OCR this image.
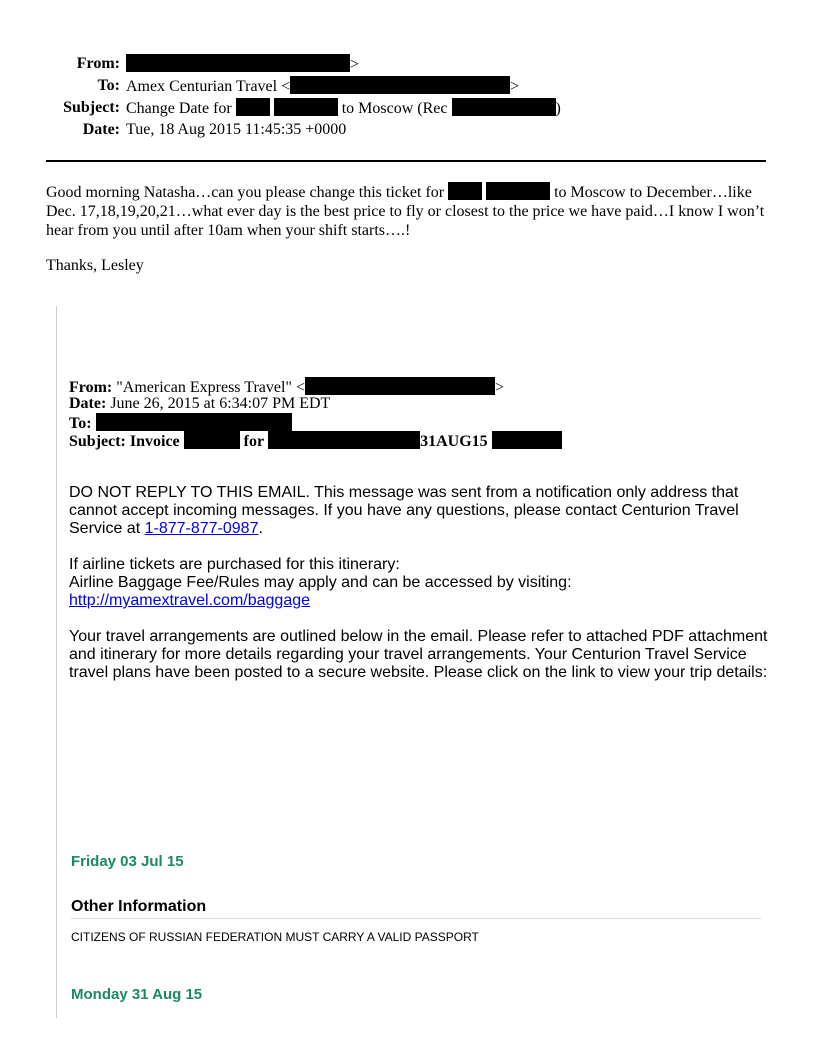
From:	>
To: Amex Centurian Travel <	>
Subject: Change Date for	to Moscow (Rec	)
Date: Tue, 18 Aug 2015 11:45:35 +0000
Good morning Natasha…can you please change this ticket for	to Moscow to December…like Dec. 17,18,19,20,21…what ever day is the best price to fly or closest to the price we have paid…I know I won’t hear from you until after 10am when your shift starts….!
Thanks, Lesley
From: "American Express Travel" <	>
Date: June 26, 2015 at 6:34:07 PM EDT
To:
Subject: Invoice	for	31AUG15
DO NOT REPLY TO THIS EMAIL. This message was sent from a notification only address that cannot accept incoming messages. If you have any questions, please contact Centurion Travel Service at 1-877-877-0987.
If airline tickets are purchased for this itinerary:
Airline Baggage Fee/Rules may apply and can be accessed by visiting:
http://myamextravel.com/baggage
Your travel arrangements are outlined below in the email. Please refer to attached PDF attachment and itinerary for more details regarding your travel arrangements. Your Centurion Travel Service travel plans have been posted to a secure website. Please click on the link to view your trip details:
Friday 03 Jul 15
Other Information
CITIZENS OF RUSSIAN FEDERATION MUST CARRY A VALID PASSPORT
Monday 31 Aug 15
